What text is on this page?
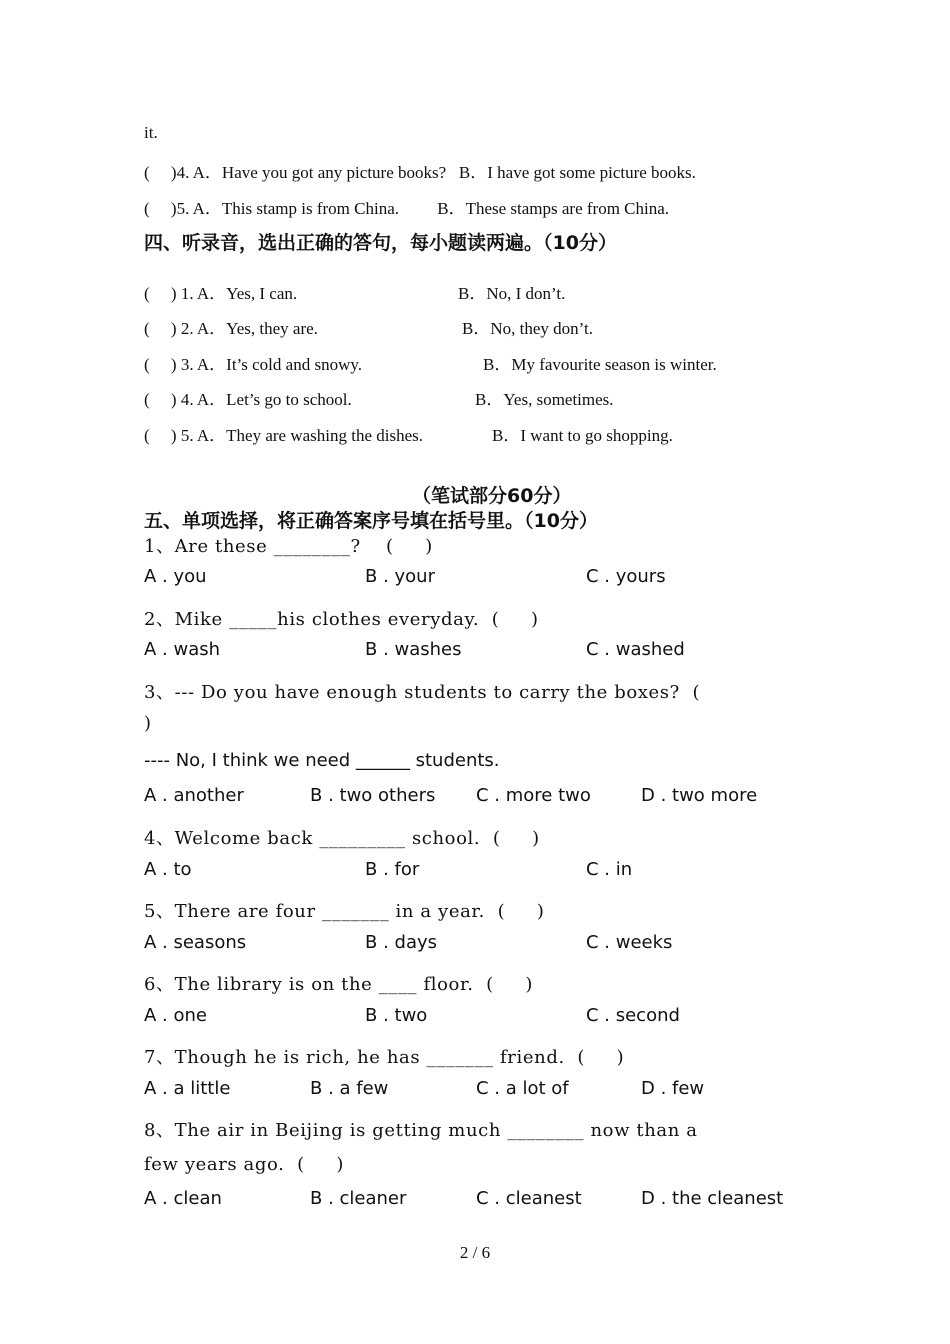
it.
(     )4. A．Have you got any picture books?   B．I have got some picture books.
(     )5. A．This stamp is from China.         B．These stamps are from China.
四、听录音，选出正确的答句，每小题读两遍。（10分）
(     ) 1. A．Yes, I can.	B．No, I don’t.
(     ) 2. A．Yes, they are.	B．No, they don’t.
(     ) 3. A．It’s cold and snowy.	B．My favourite season is winter.
(     ) 4. A．Let’s go to school.	B．Yes, sometimes.
(     ) 5. A．They are washing the dishes.	B．I want to go shopping.
（笔试部分60分）
五、单项选择，将正确答案序号填在括号里。（10分）
1、Are these ________?    (     )
A . you	B . your	C . yours
2、Mike _____his clothes everyday.  (     )
A . wash	B . washes	C . washed
3、--- Do you have enough students to carry the boxes?  (
)
---- No, I think we need ______ students.
A . another	B . two others C . more two	D . two more
4、Welcome back _________ school.  (     )
A . to	B . for	C . in
5、There are four _______ in a year.  (     )
A . seasons	B . days	C . weeks
6、The library is on the ____ floor.  (     )
A . one	B . two	C . second
7、Though he is rich, he has _______ friend.  (     )
A . a little	B . a few	C . a lot of	D . few
8、The air in Beijing is getting much ________ now than a
few years ago.  (     )
A . clean	B . cleaner	C . cleanest	D . the cleanest
2 / 6
